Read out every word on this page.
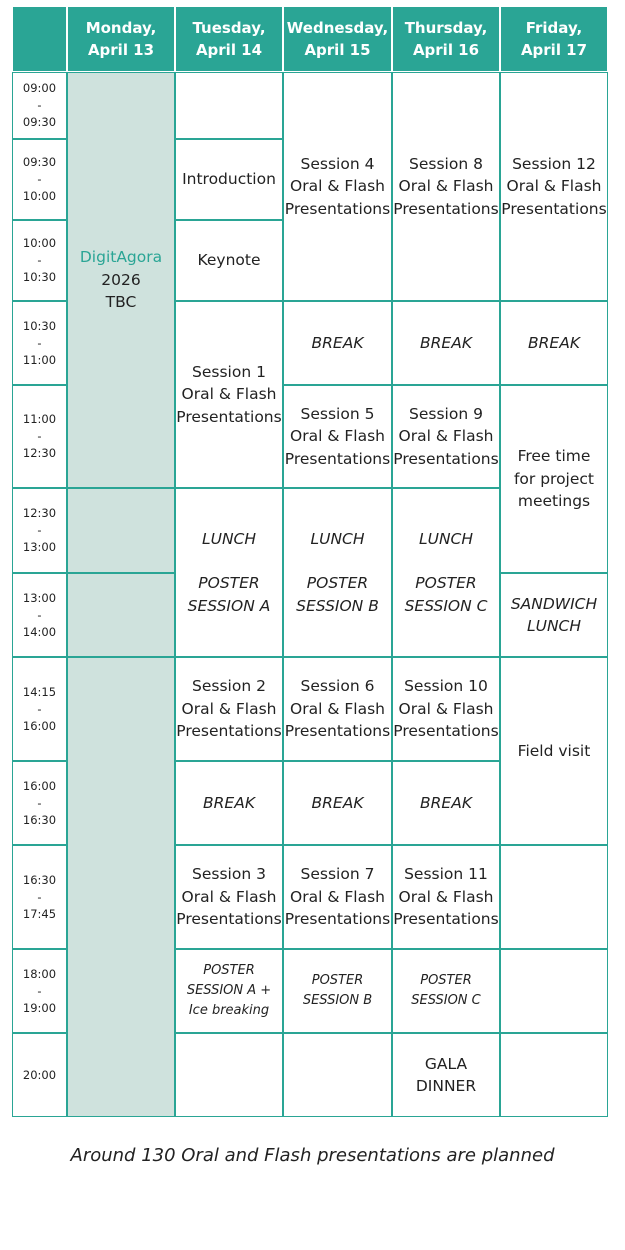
Monday,
April 13
Tuesday,
April 14
Wednesday,
April 15
Thursday,
April 16
Friday,
April 17
09:00
-
09:30
09:30
-
10:00
10:00
-
10:30
10:30
-
11:00
11:00
-
12:30
12:30
-
13:00
13:00
-
14:00
14:15
-
16:00
16:00
-
16:30
16:30
-
17:45
18:00
-
19:00
20:00
DigitAgora
2026
TBC
Introduction
Keynote
Session 1
Oral & Flash
Presentations
LUNCH
POSTER
SESSION A
Session 2
Oral & Flash
Presentations
BREAK
Session 3
Oral & Flash
Presentations
POSTER
SESSION A +
Ice breaking
Session 4
Oral & Flash
Presentations
BREAK
Session 5
Oral & Flash
Presentations
LUNCH
POSTER
SESSION B
Session 6
Oral & Flash
Presentations
BREAK
Session 7
Oral & Flash
Presentations
POSTER
SESSION B
Session 8
Oral & Flash
Presentations
BREAK
Session 9
Oral & Flash
Presentations
LUNCH
POSTER
SESSION C
Session 10
Oral & Flash
Presentations
BREAK
Session 11
Oral & Flash
Presentations
POSTER
SESSION C
GALA
DINNER
Session 12
Oral & Flash
Presentations
BREAK
Free time
for project
meetings
SANDWICH
LUNCH
Field visit
Around 130 Oral and Flash presentations are planned
